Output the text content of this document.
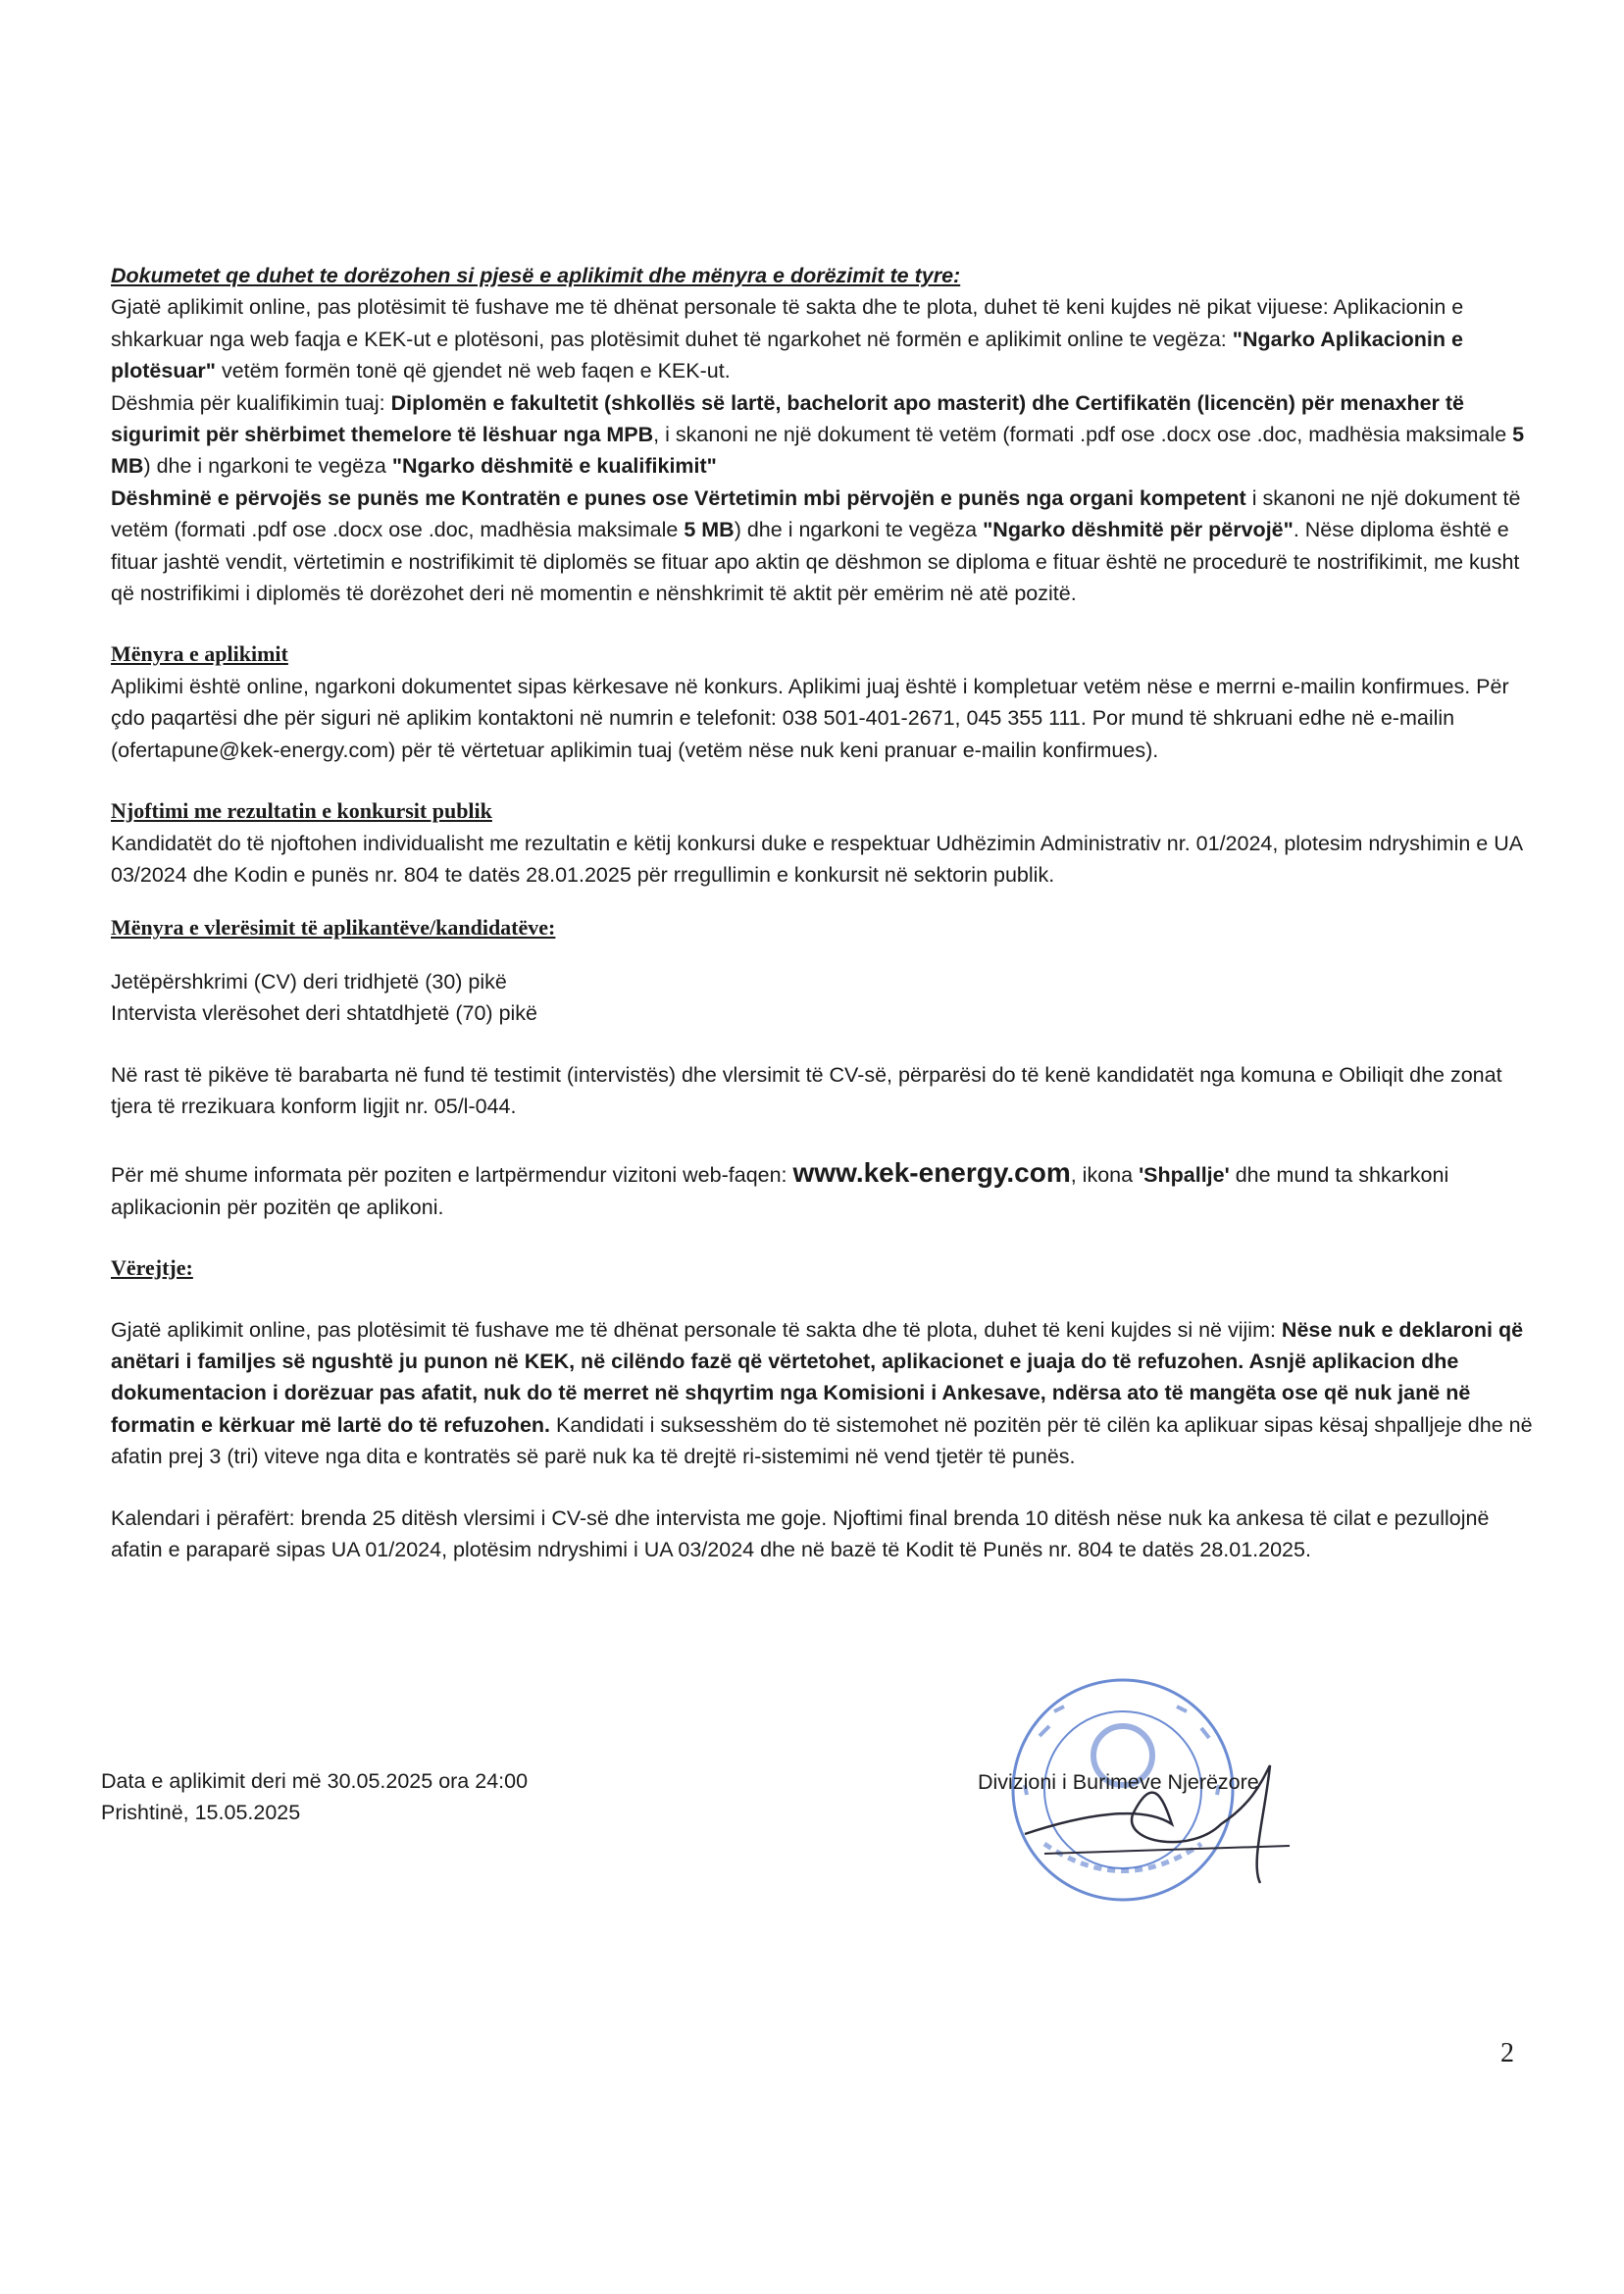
Dokumetet qe duhet te dorëzohen si pjesë e aplikimit dhe mënyra e dorëzimit te tyre:

Gjatë aplikimit online, pas plotësimit të fushave me të dhënat personale të sakta dhe te plota, duhet të keni kujdes në pikat vijuese: Aplikacionin e shkarkuar nga web faqja e KEK-ut e plotësoni, pas plotësimit duhet të ngarkohet në formën e aplikimit online te vegëza: "Ngarko Aplikacionin e plotësuar" vetëm formën tonë që gjendet në web faqen e KEK-ut.

Dëshmia për kualifikimin tuaj: Diplomën e fakultetit (shkollës së lartë, bachelorit apo masterit) dhe Certifikatën (licencën) për menaxher të sigurimit për shërbimet themelore të lëshuar nga MPB, i skanoni ne një dokument të vetëm (formati .pdf ose .docx ose .doc, madhësia maksimale 5 MB) dhe i ngarkoni te vegëza "Ngarko dëshmitë e kualifikimit"

Dëshminë e përvojës se punës me Kontratën e punes ose Vërtetimin mbi përvojën e punës nga organi kompetent i skanoni ne një dokument të vetëm (formati .pdf ose .docx ose .doc, madhësia maksimale 5 MB) dhe i ngarkoni te vegëza "Ngarko dëshmitë për përvojë". Nëse diploma është e fituar jashtë vendit, vërtetimin e nostrifikimit të diplomës se fituar apo aktin qe dëshmon se diploma e fituar është ne procedurë te nostrifikimit, me kusht që nostrifikimi i diplomës të dorëzohet deri në momentin e nënshkrimit të aktit për emërim në atë pozitë.

Mënyra e aplikimit

Aplikimi është online, ngarkoni dokumentet sipas kërkesave në konkurs. Aplikimi juaj është i kompletuar vetëm nëse e merrni e-mailin konfirmues. Për çdo paqartësi dhe për siguri në aplikim kontaktoni në numrin e telefonit: 038 501-401-2671, 045 355 111. Por mund të shkruani edhe në e-mailin (ofertapune@kek-energy.com) për të vërtetuar aplikimin tuaj (vetëm nëse nuk keni pranuar e-mailin konfirmues).

Njoftimi me rezultatin e konkursit publik

Kandidatët do të njoftohen individualisht me rezultatin e këtij konkursi duke e respektuar Udhëzimin Administrativ nr. 01/2024, plotesim ndryshimin e UA 03/2024 dhe Kodin e punës nr. 804 te datës 28.01.2025 për rregullimin e konkursit në sektorin publik.

Mënyra e vlerësimit të aplikantëve/kandidatëve:

Jetëpërshkrimi (CV) deri tridhjetë (30) pikë

Intervista vlerësohet deri shtatdhjetë (70) pikë

Në rast të pikëve të barabarta në fund të testimit (intervistës) dhe vlersimit të CV-së, përparësi do të kenë kandidatët nga komuna e Obiliqit dhe zonat tjera të rrezikuara konform ligjit nr. 05/l-044.

Për më shume informata për poziten e lartpërmendur vizitoni web-faqen: www.kek-energy.com, ikona 'Shpallje' dhe mund ta shkarkoni aplikacionin për pozitën qe aplikoni.

Vërejtje:

Gjatë aplikimit online, pas plotësimit të fushave me të dhënat personale të sakta dhe të plota, duhet të keni kujdes si në vijim: Nëse nuk e deklaroni që anëtari i familjes së ngushtë ju punon në KEK, në cilëndo fazë që vërtetohet, aplikacionet e juaja do të refuzohen. Asnjë aplikacion dhe dokumentacion i dorëzuar pas afatit, nuk do të merret në shqyrtim nga Komisioni i Ankesave, ndërsa ato të mangëta ose që nuk janë në formatin e kërkuar më lartë do të refuzohen. Kandidati i suksesshëm do të sistemohet në pozitën për të cilën ka aplikuar sipas kësaj shpalljeje dhe në afatin prej 3 (tri) viteve nga dita e kontratës së parë nuk ka të drejtë ri-sistemimi në vend tjetër të punës.

Kalendari i përafërt: brenda 25 ditësh vlersimi i CV-së dhe intervista me goje. Njoftimi final brenda 10 ditësh nëse nuk ka ankesa të cilat e pezullojnë afatin e paraparë sipas UA 01/2024, plotësim ndryshimi i UA 03/2024 dhe në bazë të Kodit të Punës nr. 804 te datës 28.01.2025.

Data e aplikimit deri më 30.05.2025 ora 24:00

Prishtinë, 15.05.2025

Divizioni i Burimeve Njerëzore
2
